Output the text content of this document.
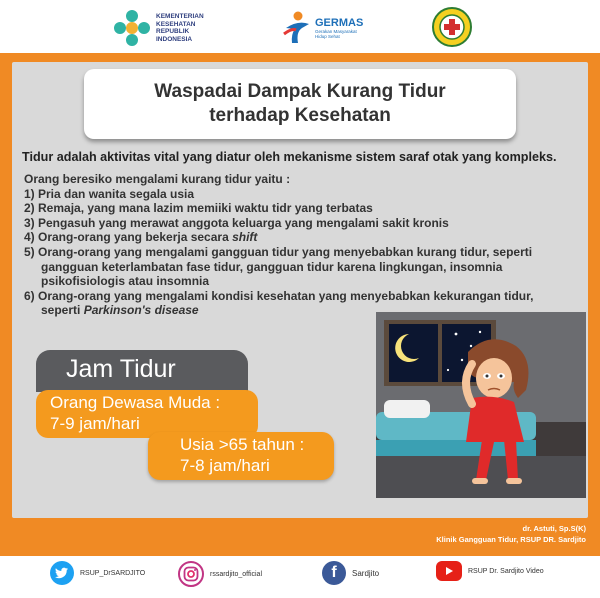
KEMENTERIAN
KESEHATAN
REPUBLIK
INDONESIA
GERMAS
Gerakan Masyarakat
Hidup Sehat
Waspadai Dampak Kurang Tidur
terhadap Kesehatan
Tidur adalah aktivitas vital yang diatur oleh mekanisme sistem saraf otak yang kompleks.
Orang beresiko mengalami kurang tidur yaitu :
1) Pria dan wanita segala usia
2) Remaja, yang mana lazim memiiki waktu tidr yang terbatas
3) Pengasuh yang merawat anggota keluarga yang mengalami sakit kronis
4) Orang-orang yang bekerja secara shift
5) Orang-orang yang mengalami gangguan tidur yang menyebabkan kurang tidur, seperti
gangguan keterlambatan fase tidur, gangguan tidur karena lingkungan, insomnia
psikofisiologis atau insomnia
6) Orang-orang yang mengalami kondisi kesehatan yang menyebabkan kekurangan tidur,
seperti Parkinson's disease
Jam Tidur
Orang Dewasa Muda :
7-9 jam/hari
Usia >65 tahun :
7-8 jam/hari
dr. Astuti, Sp.S(K)
Klinik Gangguan Tidur, RSUP DR. Sardjito
RSUP_DrSARDJITO	rssardjito_official	f	Sardjito	RSUP Dr. Sardjito Video
